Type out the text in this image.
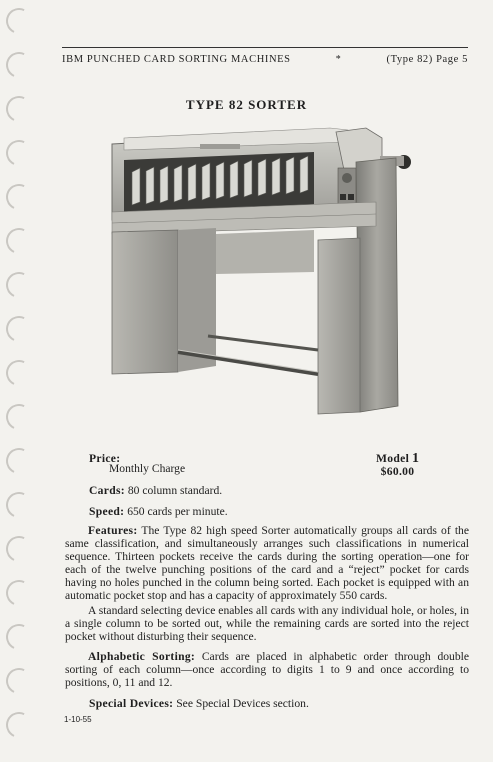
IBM PUNCHED CARD SORTING MACHINES	*	(Type 82) Page 5
TYPE 82 SORTER
Price:
Monthly Charge
Model 1
$60.00
Cards: 80 column standard.
Speed: 650 cards per minute.
Features: The Type 82 high speed Sorter automatically groups all cards of the same classification, and simultaneously arranges such classifications in numerical sequence. Thirteen pockets receive the cards during the sorting operation—one for each of the twelve punching positions of the card and a “reject” pocket for cards having no holes punched in the column being sorted. Each pocket is equipped with an automatic pocket stop and has a capacity of approximately 550 cards.
A standard selecting device enables all cards with any individual hole, or holes, in a single column to be sorted out, while the remaining cards are sorted into the reject pocket without disturbing their sequence.
Alphabetic Sorting: Cards are placed in alphabetic order through double sorting of each column—once according to digits 1 to 9 and once according to positions, 0, 11 and 12.
Special Devices: See Special Devices section.
1-10-55
